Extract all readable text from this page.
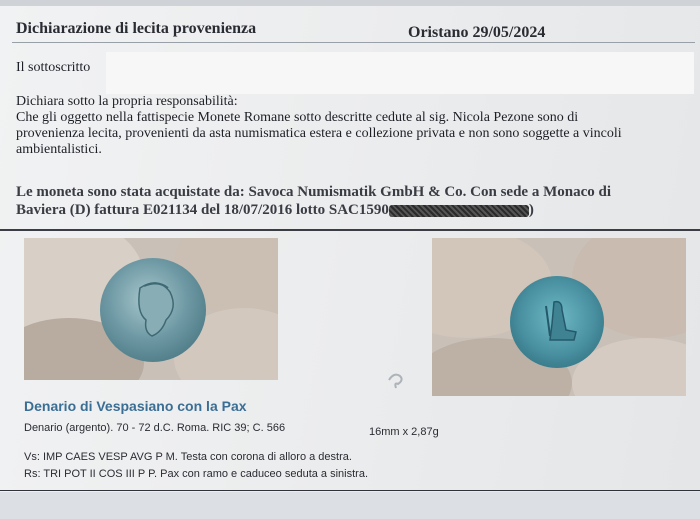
Dichiarazione di lecita provenienza	Oristano 29/05/2024
Il sottoscritto

Dichiara sotto la propria responsabilità:

Che gli oggetto nella fattispecie Monete Romane sotto descritte cedute al sig. Nicola Pezone sono di

provenienza lecita, provenienti da asta numismatica estera e collezione privata e non sono soggette a vincoli

ambientalistici.

Le moneta sono stata acquistate da: Savoca Numismatik GmbH & Co. Con sede a Monaco di
Baviera (D) fattura E021134 del 18/07/2016 lotto SAC1590	)
Denario di Vespasiano con la Pax
Denario (argento). 70 - 72 d.C. Roma. RIC 39; C. 566	16mm x 2,87g
Vs: IMP CAES VESP AVG P M. Testa con corona di alloro a destra.
Rs: TRI POT II COS III P P. Pax con ramo e caduceo seduta a sinistra.
